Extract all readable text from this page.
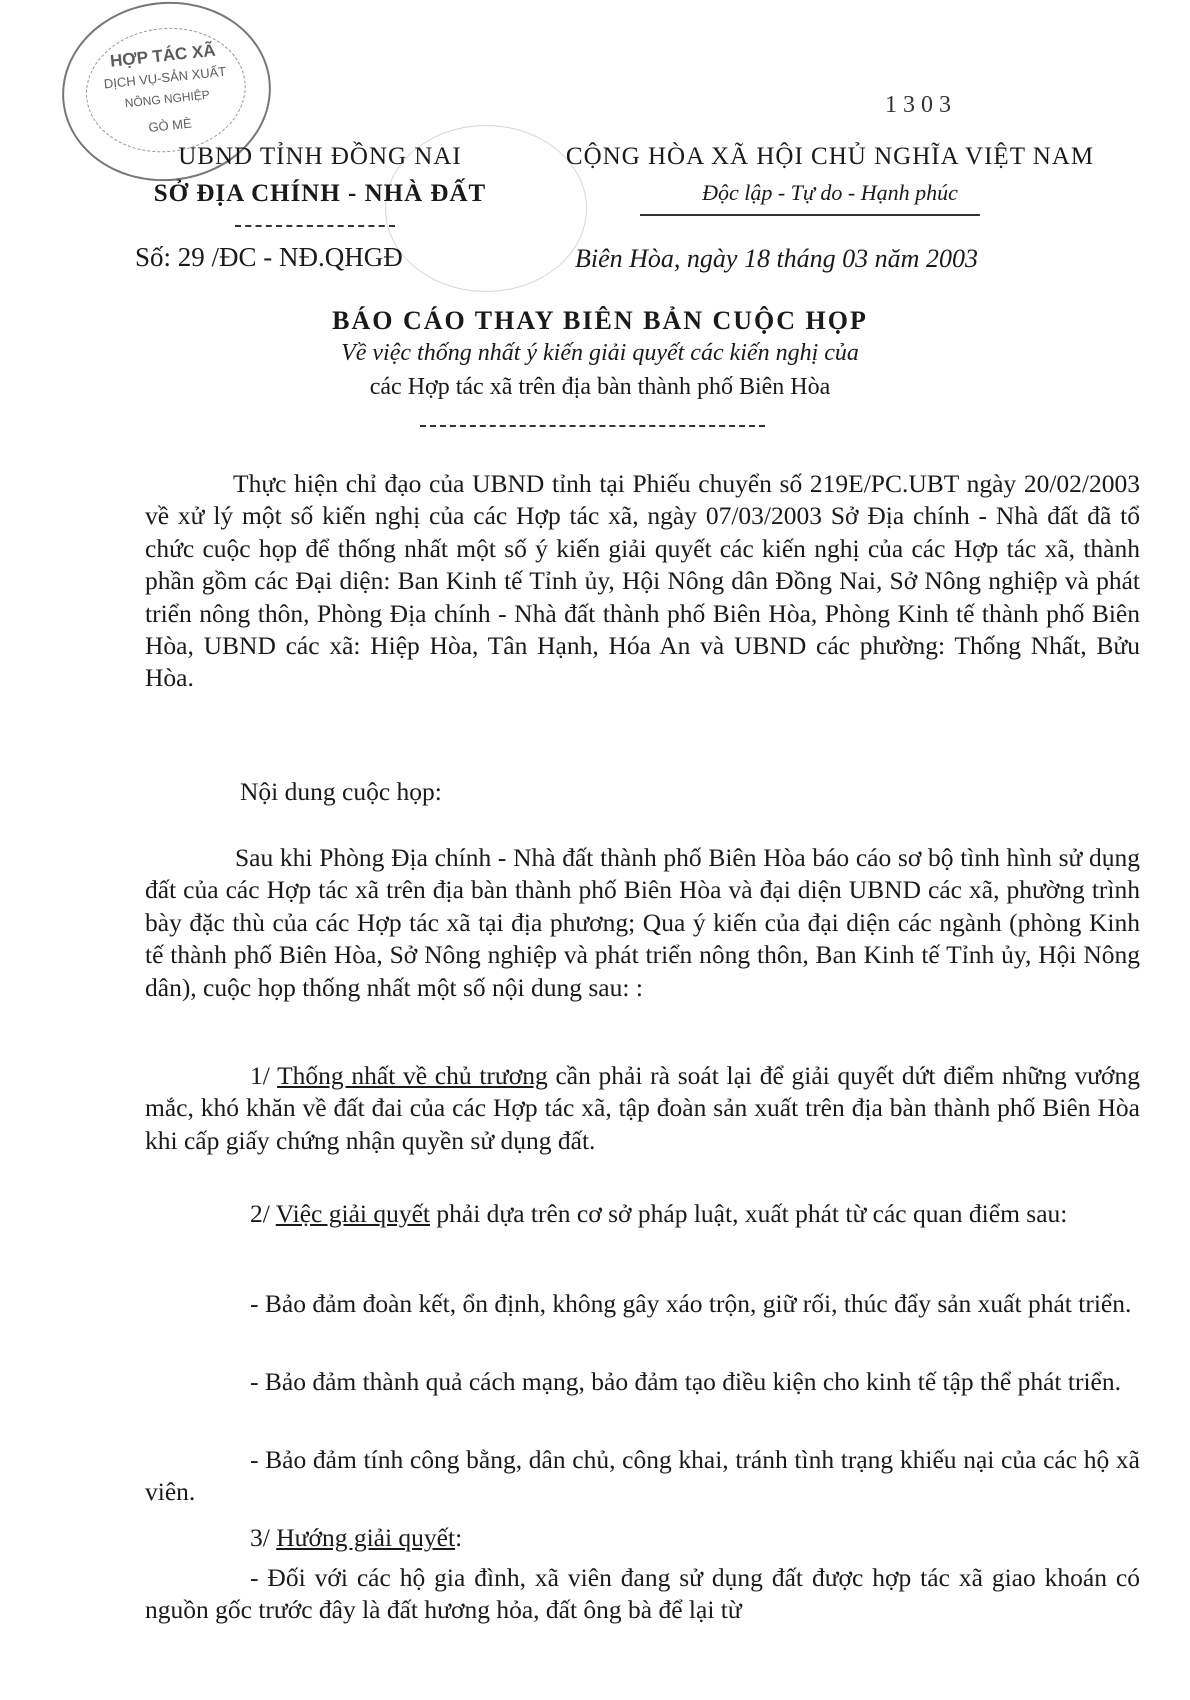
HỢP TÁC XÃ
DỊCH VỤ-SẢN XUẤT
NÔNG NGHIỆP
GÒ MÈ
1303
UBND TỈNH ĐỒNG NAI
SỞ ĐỊA CHÍNH - NHÀ ĐẤT
CỘNG HÒA XÃ HỘI CHỦ NGHĨA VIỆT NAM
Độc lập - Tự do - Hạnh phúc
Số: 29 /ĐC - NĐ.QHGĐ	Biên Hòa, ngày 18 tháng 03 năm 2003
BÁO CÁO THAY BIÊN BẢN CUỘC HỌP
Về việc thống nhất ý kiến giải quyết các kiến nghị của
các Hợp tác xã trên địa bàn thành phố Biên Hòa
Thực hiện chỉ đạo của UBND tỉnh tại Phiếu chuyển số 219E/PC.UBT ngày 20/02/2003 về xử lý một số kiến nghị của các Hợp tác xã, ngày 07/03/2003 Sở Địa chính - Nhà đất đã tổ chức cuộc họp để thống nhất một số ý kiến giải quyết các kiến nghị của các Hợp tác xã, thành phần gồm các Đại diện: Ban Kinh tế Tỉnh ủy, Hội Nông dân Đồng Nai, Sở Nông nghiệp và phát triển nông thôn, Phòng Địa chính - Nhà đất thành phố Biên Hòa, Phòng Kinh tế thành phố Biên Hòa, UBND các xã: Hiệp Hòa, Tân Hạnh, Hóa An và UBND các phường: Thống Nhất, Bửu Hòa.
Nội dung cuộc họp:
Sau khi Phòng Địa chính - Nhà đất thành phố Biên Hòa báo cáo sơ bộ tình hình sử dụng đất của các Hợp tác xã trên địa bàn thành phố Biên Hòa và đại diện UBND các xã, phường trình bày đặc thù của các Hợp tác xã tại địa phương; Qua ý kiến của đại diện các ngành (phòng Kinh tế thành phố Biên Hòa, Sở Nông nghiệp và phát triển nông thôn, Ban Kinh tế Tỉnh ủy, Hội Nông dân), cuộc họp thống nhất một số nội dung sau: :
1/ Thống nhất về chủ trương cần phải rà soát lại để giải quyết dứt điểm những vướng mắc, khó khăn về đất đai của các Hợp tác xã, tập đoàn sản xuất trên địa bàn thành phố Biên Hòa khi cấp giấy chứng nhận quyền sử dụng đất.
2/ Việc giải quyết phải dựa trên cơ sở pháp luật, xuất phát từ các quan điểm sau:
- Bảo đảm đoàn kết, ổn định, không gây xáo trộn, giữ rối, thúc đẩy sản xuất phát triển.
- Bảo đảm thành quả cách mạng, bảo đảm tạo điều kiện cho kinh tế tập thể phát triển.
- Bảo đảm tính công bằng, dân chủ, công khai, tránh tình trạng khiếu nại của các hộ xã viên.
3/ Hướng giải quyết:
- Đối với các hộ gia đình, xã viên đang sử dụng đất được hợp tác xã giao khoán có nguồn gốc trước đây là đất hương hỏa, đất ông bà để lại từ
